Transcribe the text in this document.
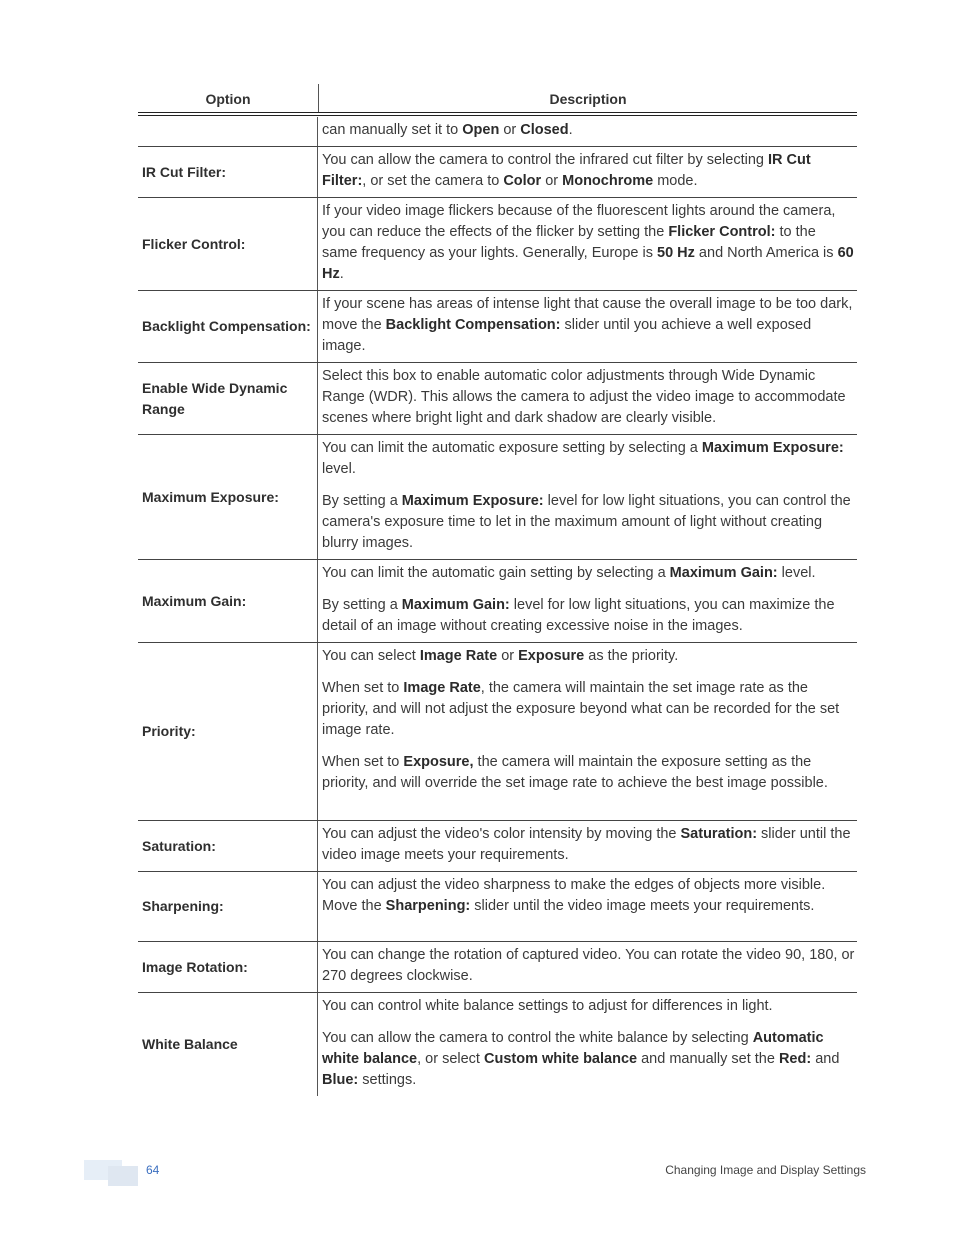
Option	Description

can manually set it to Open or Closed.

IR Cut Filter:

You can allow the camera to control the infrared cut filter by selecting IR Cut Filter:, or set the camera to Color or Monochrome mode.

Flicker Control:

If your video image flickers because of the fluorescent lights around the camera, you can reduce the effects of the flicker by setting the Flicker Control: to the same frequency as your lights. Generally, Europe is 50 Hz and North America is 60 Hz.

Backlight Compensation:

If your scene has areas of intense light that cause the overall image to be too dark, move the Backlight Compensation: slider until you achieve a well exposed image.

Enable Wide Dynamic Range

Select this box to enable automatic color adjustments through Wide Dynamic Range (WDR). This allows the camera to adjust the video image to accommodate scenes where bright light and dark shadow are clearly visible.

Maximum Exposure:

You can limit the automatic exposure setting by selecting a Maximum Exposure: level.

By setting a Maximum Exposure: level for low light situations, you can control the camera's exposure time to let in the maximum amount of light without creating blurry images.

Maximum Gain:

You can limit the automatic gain setting by selecting a Maximum Gain: level.

By setting a Maximum Gain: level for low light situations, you can maximize the detail of an image without creating excessive noise in the images.

Priority:

You can select Image Rate or Exposure as the priority.

When set to Image Rate, the camera will maintain the set image rate as the priority, and will not adjust the exposure beyond what can be recorded for the set image rate.

When set to Exposure, the camera will maintain the exposure setting as the priority, and will override the set image rate to achieve the best image possible.

Saturation:

You can adjust the video's color intensity by moving the Saturation: slider until the video image meets your requirements.

Sharpening:

You can adjust the video sharpness to make the edges of objects more visible. Move the Sharpening: slider until the video image meets your requirements.

Image Rotation:

You can change the rotation of captured video. You can rotate the video 90, 180, or 270 degrees clockwise.

White Balance

You can control white balance settings to adjust for differences in light.

You can allow the camera to control the white balance by selecting Automatic white balance, or select Custom white balance and manually set the Red: and Blue: settings.

64	Changing Image and Display Settings
